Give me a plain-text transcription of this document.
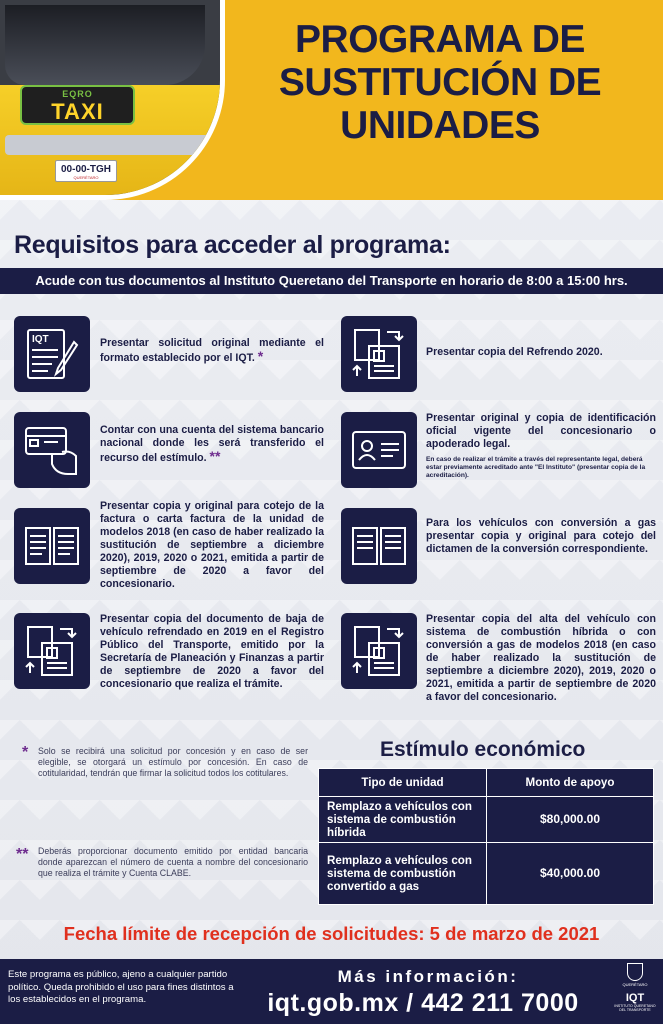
EQRO
TAXI
00-00-TGH
QUERÉTARO
PROGRAMA DE
SUSTITUCIÓN DE
UNIDADES
Requisitos para acceder al programa:
Acude con tus documentos al Instituto Queretano del Transporte en horario de 8:00 a 15:00 hrs.
IQT	Presentar solicitud original mediante el formato establecido por el IQT. *	Presentar copia del Refrendo 2020.
Contar con una cuenta del sistema bancario nacional donde les será transferido el recurso del estímulo. **
Presentar original y copia de identificación oficial vigente del concesionario o apoderado legal.
En caso de realizar el trámite a través del representante legal, deberá estar previamente acreditado ante "El Instituto" (presentar copia de la acreditación).
Presentar copia y original para cotejo de la factura o carta factura de la unidad de modelos 2018 (en caso de haber realizado la sustitución de septiembre a diciembre 2020), 2019, 2020 o 2021, emitida a partir de septiembre de 2020 a favor del concesionario.
Para los vehículos con conversión a gas presentar copia y original para cotejo del dictamen de la conversión correspondiente.
Presentar copia del documento de baja de vehículo refrendado en 2019 en el Registro Público del Transporte, emitido por la Secretaría de Planeación y Finanzas a partir de septiembre de 2020 a favor del concesionario que realiza el trámite.
Presentar copia del alta del vehículo con sistema de combustión híbrida o con conversión a gas de modelos 2018 (en caso de haber realizado la sustitución de septiembre a diciembre 2020), 2019, 2020 o 2021, emitida a partir de septiembre de 2020 a favor del concesionario.
Estímulo económico
Tipo de unidad	Monto de apoyo
Remplazo a vehículos con sistema de combustión híbrida	$80,000.00
Remplazo a vehículos con sistema de combustión convertido a gas	$40,000.00
* Solo se recibirá una solicitud por concesión y en caso de ser elegible, se otorgará un estímulo por concesión. En caso de cotitularidad, tendrán que firmar la solicitud todos los cotitulares.
** Deberás proporcionar documento emitido por entidad bancaria donde aparezcan el número de cuenta a nombre del concesionario que realiza el trámite y Cuenta CLABE.
Fecha límite de recepción de solicitudes: 5 de marzo de 2021
Este programa es público, ajeno a cualquier partido político. Queda prohibido el uso para fines distintos a los establecidos en el programa.
Más información:
iqt.gob.mx / 442 211 7000
QUERÉTARO
IQT
INSTITUTO QUERETANO DEL TRANSPORTE
